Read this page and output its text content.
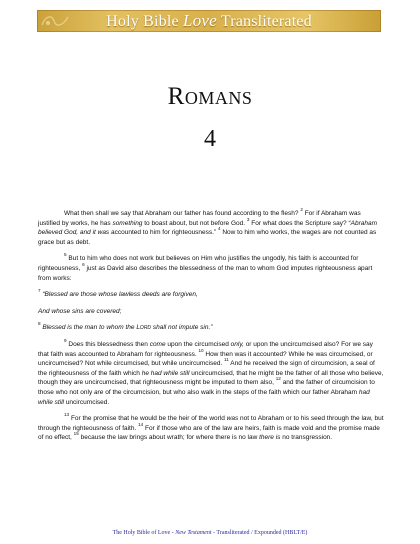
Holy Bible Love Transliterated
Romans
4

What then shall we say that Abraham our father has found according to the flesh? $^2$ For if Abraham was justified by works, he has something to boast about, but not before God. $^3$ For what does the Scripture say? “Abraham believed God, and it was accounted to him for righteousness.” $^4$ Now to him who works, the wages are not counted as grace but as debt.

$^5$ But to him who does not work but believes on Him who justifies the ungodly, his faith is accounted for righteousness, $^6$ just as David also describes the blessedness of the man to whom God imputes righteousness apart from works:

$^7$ “Blessed are those whose lawless deeds are forgiven,

And whose sins are covered;

$^8$ Blessed is the man to whom the Lord shall not impute sin.”

$^9$ Does this blessedness then come upon the circumcised only, or upon the uncircumcised also? For we say that faith was accounted to Abraham for righteousness. $^{10}$ How then was it accounted? While he was circumcised, or uncircumcised? Not while circumcised, but while uncircumcised. $^{11}$ And he received the sign of circumcision, a seal of the righteousness of the faith which he had while still uncircumcised, that he might be the father of all those who believe, though they are uncircumcised, that righteousness might be imputed to them also, $^{12}$ and the father of circumcision to those who not only are of the circumcision, but who also walk in the steps of the faith which our father Abraham had while still uncircumcised.

$^{13}$ For the promise that he would be the heir of the world was not to Abraham or to his seed through the law, but through the righteousness of faith. $^{14}$ For if those who are of the law are heirs, faith is made void and the promise made of no effect, $^{15}$ because the law brings about wrath; for where there is no law there is no transgression.

The Holy Bible of Love - New Testament - Transliterated / Expounded (HBLT/E)
